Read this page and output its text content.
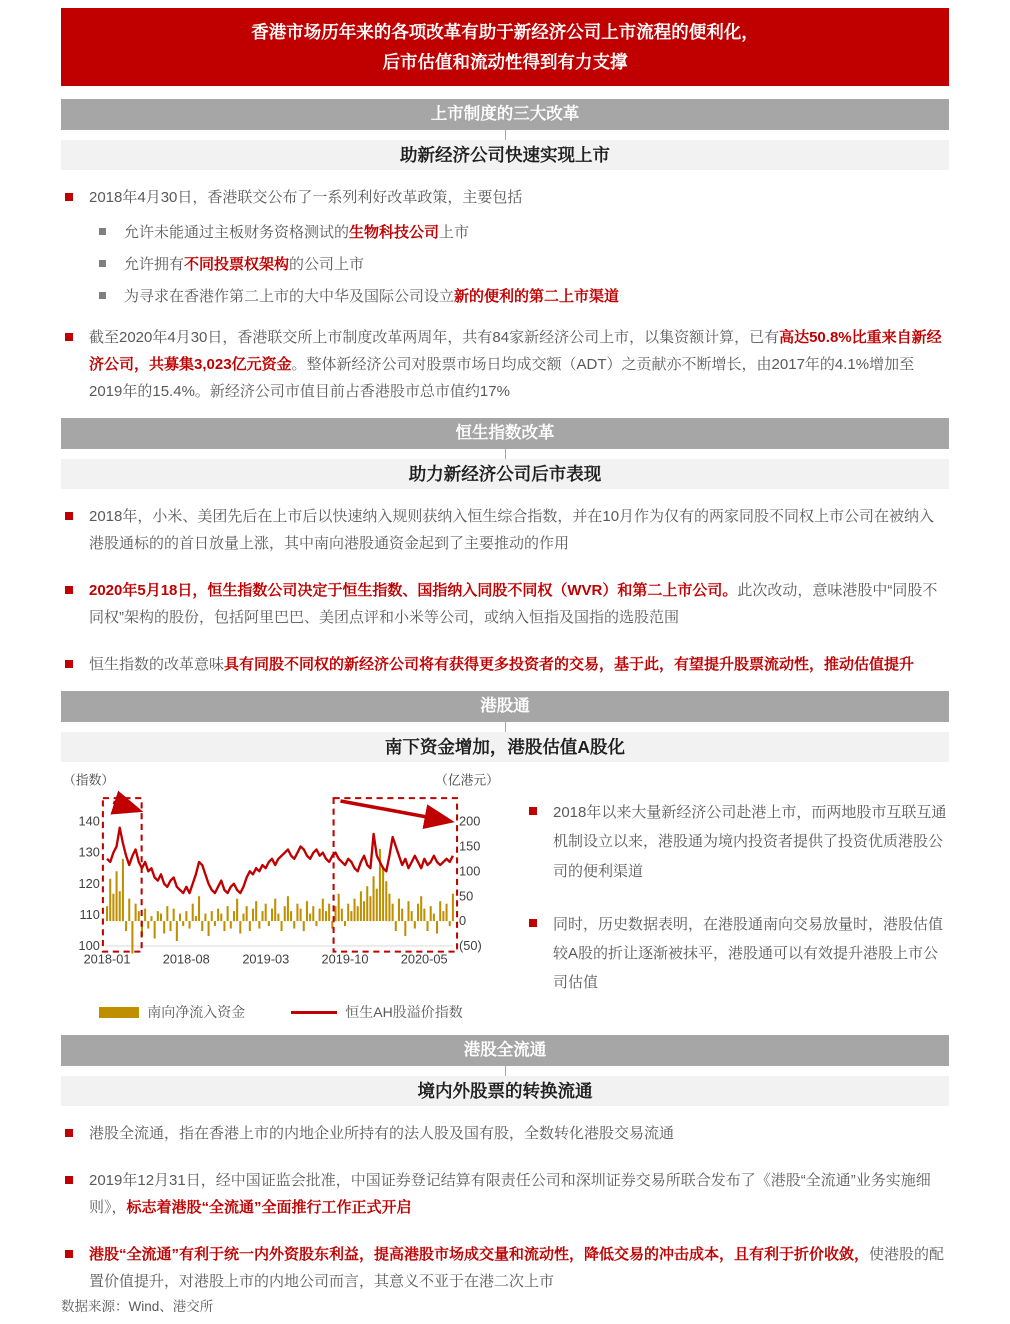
香港市场历年来的各项改革有助于新经济公司上市流程的便利化，
后市估值和流动性得到有力支撑
上市制度的三大改革
助新经济公司快速实现上市
2018年4月30日，香港联交公布了一系列利好改革政策，主要包括
允许未能通过主板财务资格测试的生物科技公司上市
允许拥有不同投票权架构的公司上市
为寻求在香港作第二上市的大中华及国际公司设立新的便利的第二上市渠道
截至2020年4月30日，香港联交所上市制度改革两周年，共有84家新经济公司上市，以集资额计算，已有高达50.8%比重来自新经济公司，共募集3,023亿元资金。整体新经济公司对股票市场日均成交额（ADT）之贡献亦不断增长，由2017年的4.1%增加至2019年的15.4%。新经济公司市值目前占香港股市总市值约17%
恒生指数改革
助力新经济公司后市表现
2018年，小米、美团先后在上市后以快速纳入规则获纳入恒生综合指数，并在10月作为仅有的两家同股不同权上市公司在被纳入港股通标的的首日放量上涨，其中南向港股通资金起到了主要推动的作用
2020年5月18日，恒生指数公司决定于恒生指数、国指纳入同股不同权（WVR）和第二上市公司。此次改动，意味港股中“同股不同权”架构的股份，包括阿里巴巴、美团点评和小米等公司，或纳入恒指及国指的选股范围
恒生指数的改革意味具有同股不同权的新经济公司将有获得更多投资者的交易，基于此，有望提升股票流动性，推动估值提升
港股通
南下资金增加，港股估值A股化
（指数）	（亿港元）
100
110
120
130
140
(50)
0
50
100
150
200
2018-01	2018-08	2019-03	2019-10	2020-05
南向净流入资金	恒生AH股溢价指数
2018年以来大量新经济公司赴港上市，而两地股市互联互通机制设立以来，港股通为境内投资者提供了投资优质港股公司的便利渠道
同时，历史数据表明，在港股通南向交易放量时，港股估值较A股的折让逐渐被抹平，港股通可以有效提升港股上市公司估值
港股全流通
境内外股票的转换流通
港股全流通，指在香港上市的内地企业所持有的法人股及国有股，全数转化港股交易流通
2019年12月31日，经中国证监会批准，中国证券登记结算有限责任公司和深圳证券交易所联合发布了《港股“全流通”业务实施细则》，标志着港股“全流通”全面推行工作正式开启
港股“全流通”有利于统一内外资股东利益，提高港股市场成交量和流动性，降低交易的冲击成本，且有利于折价收敛，使港股的配置价值提升，对港股上市的内地公司而言，其意义不亚于在港二次上市
数据来源：Wind、港交所
